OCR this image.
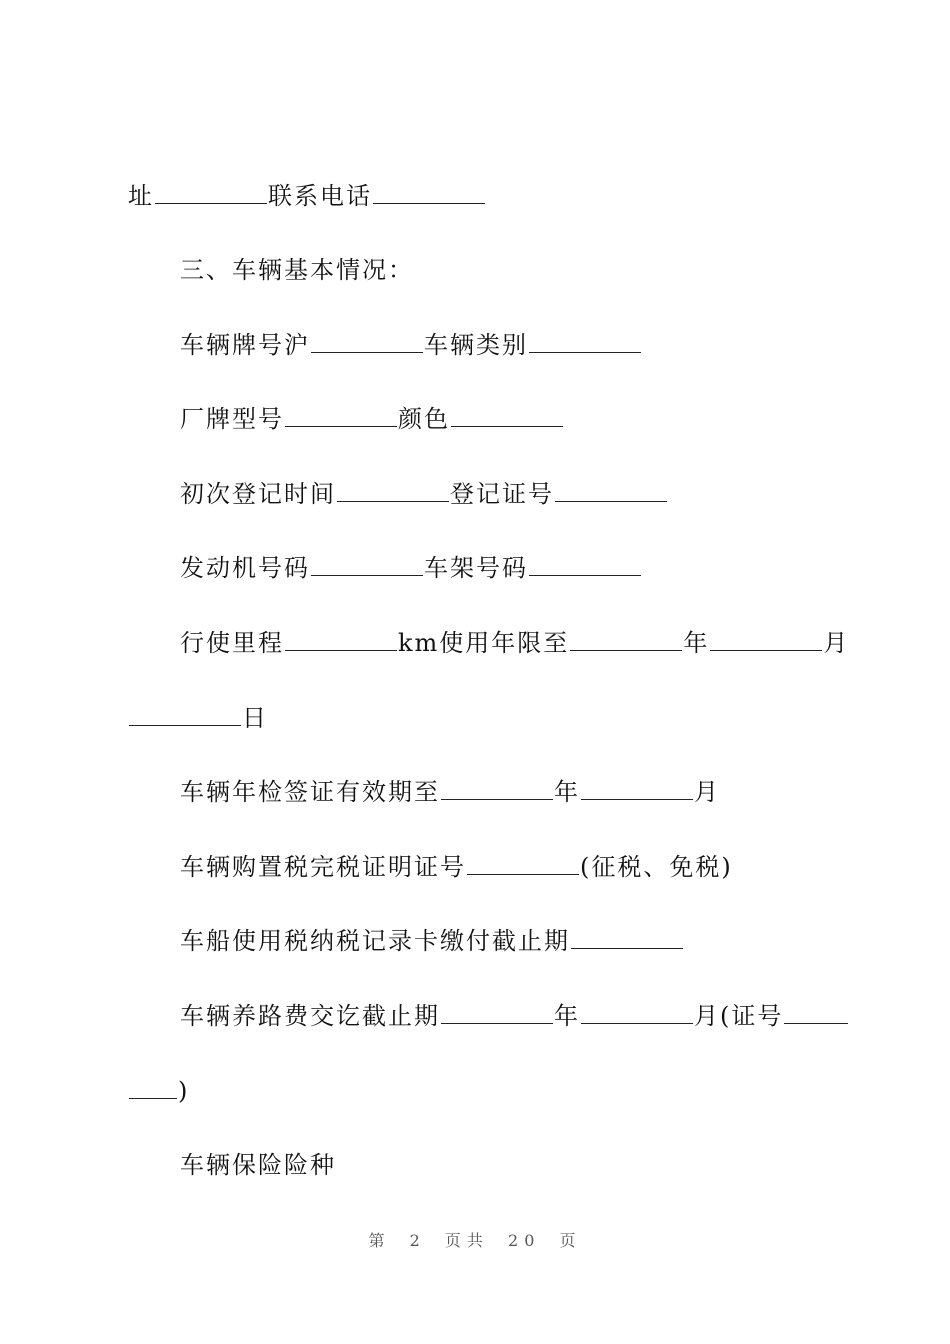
址	联系电话
三、车辆基本情况：
车辆牌号沪	车辆类别
厂牌型号	颜色
初次登记时间	登记证号
发动机号码	车架号码
行使里程	km使用年限至	年	月
日
车辆年检签证有效期至	年	月
车辆购置税完税证明证号	(征税、免税)
车船使用税纳税记录卡缴付截止期
车辆养路费交讫截止期	年	月(证号
)
车辆保险险种
第 2 页共 20 页
